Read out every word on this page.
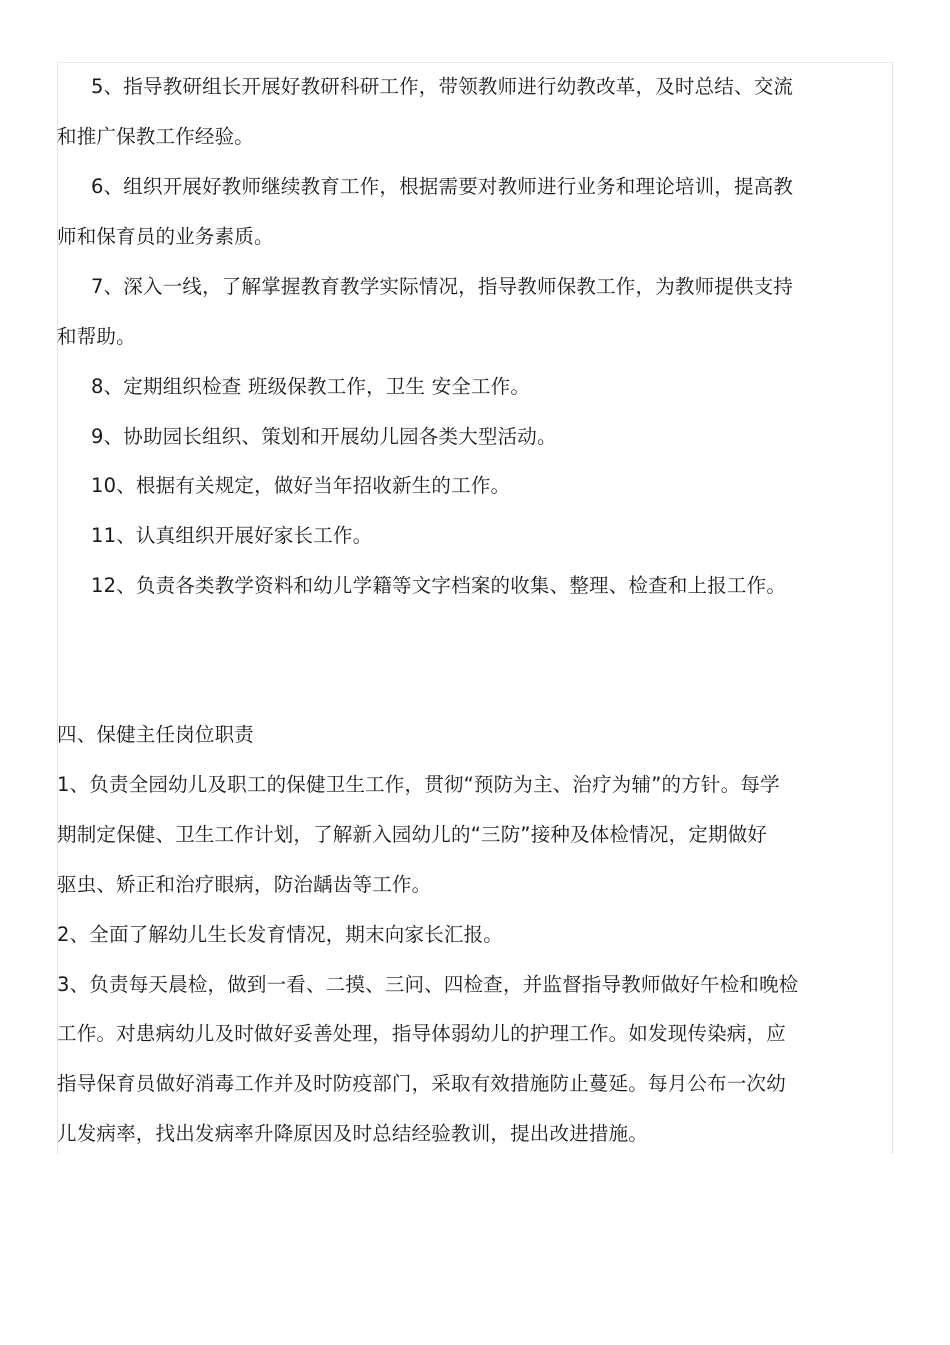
5、指导教研组长开展好教研科研工作，带领教师进行幼教改革，及时总结、交流
和推广保教工作经验。
6、组织开展好教师继续教育工作，根据需要对教师进行业务和理论培训，提高教
师和保育员的业务素质。
7、深入一线，了解掌握教育教学实际情况，指导教师保教工作，为教师提供支持
和帮助。
8、定期组织检查 班级保教工作，卫生 安全工作。
9、协助园长组织、策划和开展幼儿园各类大型活动。
10、根据有关规定，做好当年招收新生的工作。
11、认真组织开展好家长工作。
12、负责各类教学资料和幼儿学籍等文字档案的收集、整理、检查和上报工作。
四、保健主任岗位职责
1、负责全园幼儿及职工的保健卫生工作，贯彻“预防为主、治疗为辅”的方针。每学
期制定保健、卫生工作计划，了解新入园幼儿的“三防”接种及体检情况，定期做好
驱虫、矫正和治疗眼病，防治龋齿等工作。
2、全面了解幼儿生长发育情况，期末向家长汇报。
3、负责每天晨检，做到一看、二摸、三问、四检查，并监督指导教师做好午检和晚检
工作。对患病幼儿及时做好妥善处理，指导体弱幼儿的护理工作。如发现传染病，应
指导保育员做好消毒工作并及时防疫部门，采取有效措施防止蔓延。每月公布一次幼
儿发病率，找出发病率升降原因及时总结经验教训，提出改进措施。
